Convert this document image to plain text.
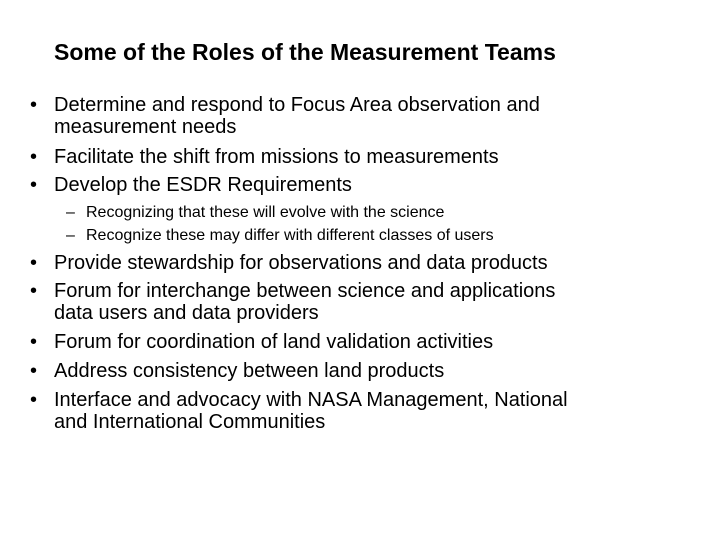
Some of the Roles of the Measurement Teams
• Determine and respond to Focus Area observation and
measurement needs
• Facilitate the shift from missions to measurements
• Develop the ESDR Requirements
– Recognizing that these will evolve with the science
– Recognize these may differ with different classes of users
• Provide stewardship for observations and data products
• Forum for interchange between science and applications
data users and data providers
• Forum for coordination of land validation activities
• Address consistency between land products
• Interface and advocacy with NASA Management, National
and International Communities
